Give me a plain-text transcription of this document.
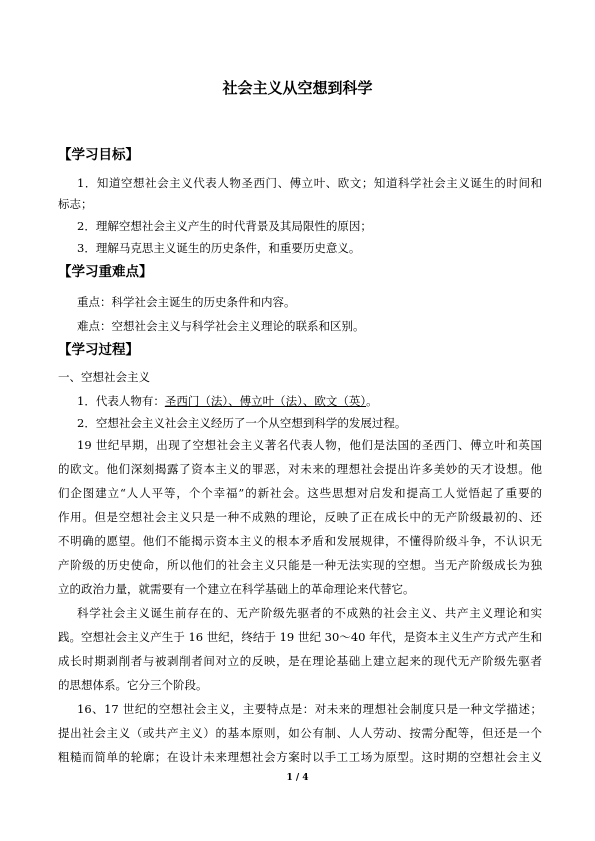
社会主义从空想到科学
【学习目标】
1．知道空想社会主义代表人物圣西门、傅立叶、欧文；知道科学社会主义诞生的时间和
标志；
2．理解空想社会主义产生的时代背景及其局限性的原因；
3．理解马克思主义诞生的历史条件，和重要历史意义。
【学习重难点】
重点：科学社会主诞生的历史条件和内容。
难点：空想社会主义与科学社会主义理论的联系和区别。
【学习过程】
一、空想社会主义
1．代表人物有：圣西门（法）、傅立叶（法）、欧文（英）。
2．空想社会主义社会主义经历了一个从空想到科学的发展过程。
19 世纪早期，出现了空想社会主义著名代表人物，他们是法国的圣西门、傅立叶和英国
的欧文。他们深刻揭露了资本主义的罪恶，对未来的理想社会提出许多美妙的天才设想。他
们企图建立“人人平等，个个幸福”的新社会。这些思想对启发和提高工人觉悟起了重要的
作用。但是空想社会主义只是一种不成熟的理论，反映了正在成长中的无产阶级最初的、还
不明确的愿望。他们不能揭示资本主义的根本矛盾和发展规律，不懂得阶级斗争，不认识无
产阶级的历史使命，所以他们的社会主义只能是一种无法实现的空想。当无产阶级成长为独
立的政治力量，就需要有一个建立在科学基础上的革命理论来代替它。
科学社会主义诞生前存在的、无产阶级先驱者的不成熟的社会主义、共产主义理论和实
践。空想社会主义产生于 16 世纪，终结于 19 世纪 30～40 年代，是资本主义生产方式产生和
成长时期剥削者与被剥削者间对立的反映，是在理论基础上建立起来的现代无产阶级先驱者
的思想体系。它分三个阶段。
16、17 世纪的空想社会主义，主要特点是：对未来的理想社会制度只是一种文学描述；
提出社会主义（或共产主义）的基本原则，如公有制、人人劳动、按需分配等，但还是一个
粗糙而简单的轮廓；在设计未来理想社会方案时以手工工场为原型。这时期的空想社会主义
1 / 4
